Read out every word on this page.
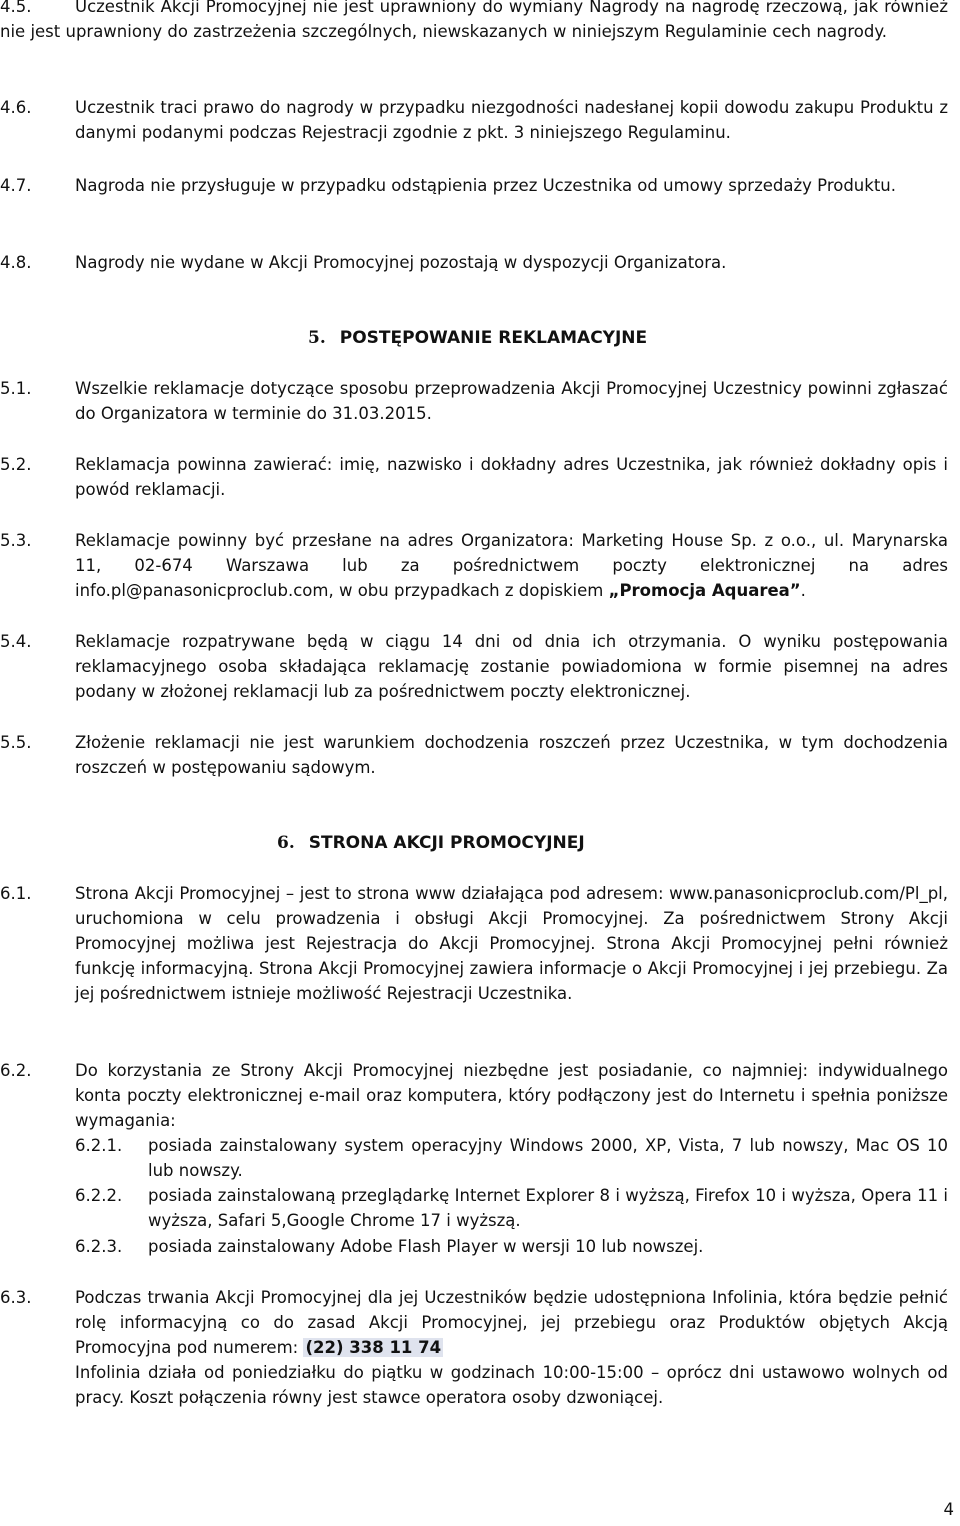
4.5.	Uczestnik Akcji Promocyjnej nie jest uprawniony do wymiany Nagrody na nagrodę rzeczową, jak również nie jest uprawniony do zastrzeżenia szczególnych, niewskazanych w niniejszym Regulaminie cech nagrody.
4.6.	Uczestnik traci prawo do nagrody w przypadku niezgodności nadesłanej kopii dowodu zakupu Produktu z danymi podanymi podczas Rejestracji zgodnie z pkt. 3 niniejszego Regulaminu.
4.7.	Nagroda nie przysługuje w przypadku odstąpienia przez Uczestnika od umowy sprzedaży Produktu.
4.8.	Nagrody nie wydane w Akcji Promocyjnej pozostają w dyspozycji Organizatora.
5. POSTĘPOWANIE REKLAMACYJNE
5.1.	Wszelkie reklamacje dotyczące sposobu przeprowadzenia Akcji Promocyjnej Uczestnicy powinni zgłaszać do Organizatora w terminie do 31.03.2015.
5.2.	Reklamacja powinna zawierać: imię, nazwisko i dokładny adres Uczestnika, jak również dokładny opis i powód reklamacji.
5.3.	Reklamacje powinny być przesłane na adres Organizatora: Marketing House Sp. z o.o., ul. Marynarska 11, 02-674 Warszawa lub za pośrednictwem poczty elektronicznej na adres info.pl@panasonicproclub.com, w obu przypadkach z dopiskiem „Promocja Aquarea”.
5.4.	Reklamacje rozpatrywane będą w ciągu 14 dni od dnia ich otrzymania. O wyniku postępowania reklamacyjnego osoba składająca reklamację zostanie powiadomiona w formie pisemnej na adres podany w złożonej reklamacji lub za pośrednictwem poczty elektronicznej.
5.5.	Złożenie reklamacji nie jest warunkiem dochodzenia roszczeń przez Uczestnika, w tym dochodzenia roszczeń w postępowaniu sądowym.
6. STRONA AKCJI PROMOCYJNEJ
6.1.	Strona Akcji Promocyjnej – jest to strona www działająca pod adresem: www.panasonicproclub.com/Pl_pl, uruchomiona w celu prowadzenia i obsługi Akcji Promocyjnej. Za pośrednictwem Strony Akcji Promocyjnej możliwa jest Rejestracja do Akcji Promocyjnej. Strona Akcji Promocyjnej pełni również funkcję informacyjną. Strona Akcji Promocyjnej zawiera informacje o Akcji Promocyjnej i jej przebiegu. Za jej pośrednictwem istnieje możliwość Rejestracji Uczestnika.
6.2.	Do korzystania ze Strony Akcji Promocyjnej niezbędne jest posiadanie, co najmniej: indywidualnego konta poczty elektronicznej e-mail oraz komputera, który podłączony jest do Internetu i spełnia poniższe wymagania:
6.2.1. posiada zainstalowany system operacyjny Windows 2000, XP, Vista, 7 lub nowszy, Mac OS 10 lub nowszy.
6.2.2. posiada zainstalowaną przeglądarkę Internet Explorer 8 i wyższą, Firefox 10 i wyższa, Opera 11 i wyższa, Safari 5,Google Chrome 17 i wyższą.
6.2.3. posiada zainstalowany Adobe Flash Player w wersji 10 lub nowszej.
6.3.	Podczas trwania Akcji Promocyjnej dla jej Uczestników będzie udostępniona Infolinia, która będzie pełnić rolę informacyjną co do zasad Akcji Promocyjnej, jej przebiegu oraz Produktów objętych Akcją Promocyjna pod numerem: (22) 338 11 74
Infolinia działa od poniedziałku do piątku w godzinach 10:00-15:00 – oprócz dni ustawowo wolnych od pracy. Koszt połączenia równy jest stawce operatora osoby dzwoniącej.
4
